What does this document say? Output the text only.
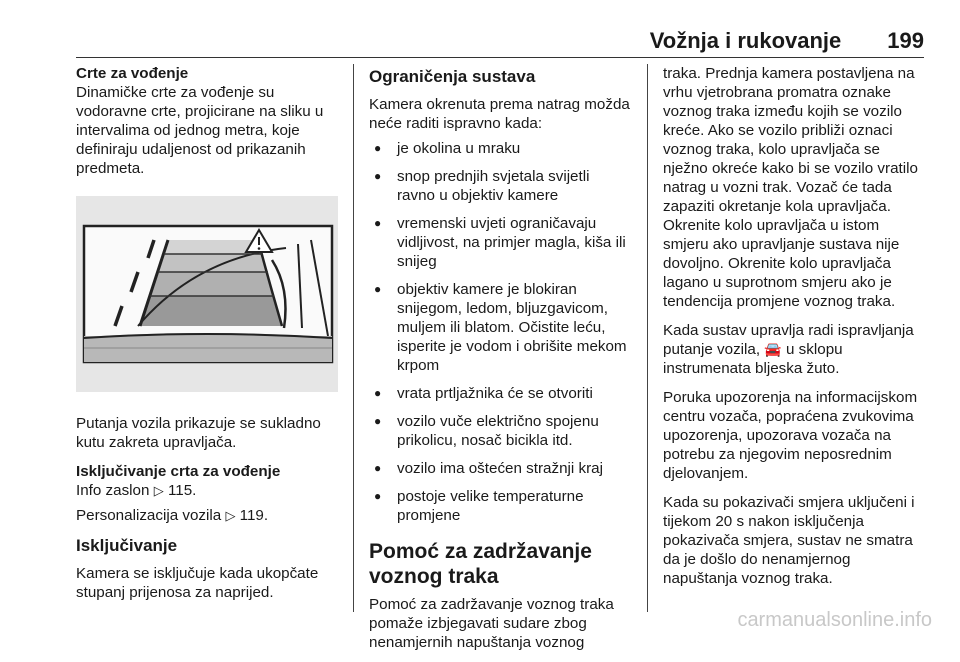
Vožnja i rukovanje 199
Crte za vođenje

Dinamičke crte za vođenje su vodoravne crte, projicirane na sliku u intervalima od jednog metra, koje definiraju udaljenost od prikazanih predmeta.

Putanja vozila prikazuje se sukladno kutu zakreta upravljača.

Isključivanje crta za vođenje

Info zaslon ▷ 115.

Personalizacija vozila ▷ 119.

Isključivanje

Kamera se isključuje kada ukopčate stupanj prijenosa za naprijed.

Ograničenja sustava

Kamera okrenuta prema natrag možda neće raditi ispravno kada:

● je okolina u mraku
● snop prednjih svjetala svijetli ravno u objektiv kamere
● vremenski uvjeti ograničavaju vidljivost, na primjer magla, kiša ili snijeg
● objektiv kamere je blokiran snijegom, ledom, bljuzgavicom, muljem ili blatom. Očistite leću, isperite je vodom i obrišite mekom krpom
● vrata prtljažnika će se otvoriti
● vozilo vuče električno spojenu prikolicu, nosač bicikla itd.
● vozilo ima oštećen stražnji kraj
● postoje velike temperaturne promjene
Pomoć za zadržavanje voznog traka

Pomoć za zadržavanje voznog traka pomaže izbjegavati sudare zbog nenamjernih napuštanja voznog

traka. Prednja kamera postavljena na vrhu vjetrobrana promatra oznake voznog traka između kojih se vozilo kreće. Ako se vozilo približi oznaci voznog traka, kolo upravljača se nježno okreće kako bi se vozilo vratilo natrag u vozni trak. Vozač će tada zapaziti okretanje kola upravljača. Okrenite kolo upravljača u istom smjeru ako upravljanje sustava nije dovoljno. Okrenite kolo upravljača lagano u suprotnom smjeru ako je tendencija promjene voznog traka.

Kada sustav upravlja radi ispravljanja putanje vozila, 🚘 u sklopu instrumenata bljeska žuto.

Poruka upozorenja na informacijskom centru vozača, popraćena zvukovima upozorenja, upozorava vozača na potrebu za njegovim neposrednim djelovanjem.

Kada su pokazivači smjera uključeni i tijekom 20 s nakon isključenja pokazivača smjera, sustav ne smatra da je došlo do nenamjernog napuštanja voznog traka.

carmanualsonline.info
